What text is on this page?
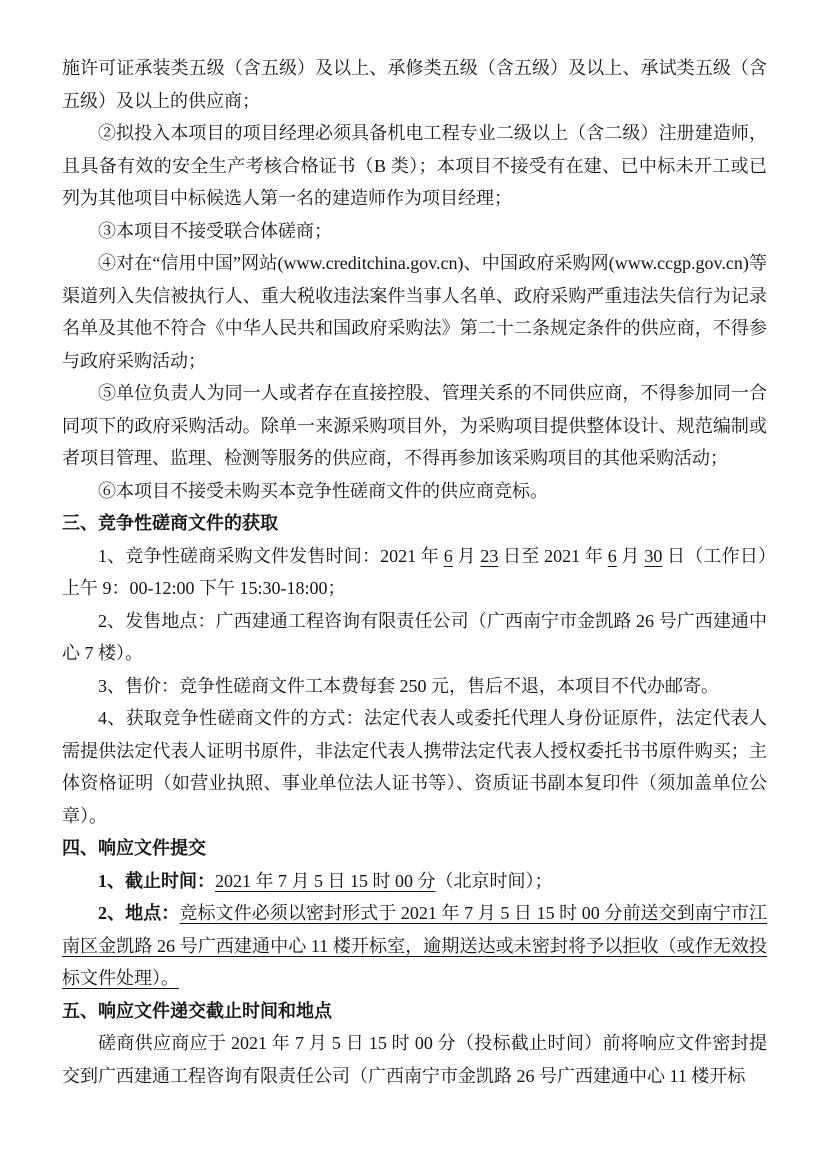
施许可证承装类五级（含五级）及以上、承修类五级（含五级）及以上、承试类五级（含五级）及以上的供应商；
②拟投入本项目的项目经理必须具备机电工程专业二级以上（含二级）注册建造师，且具备有效的安全生产考核合格证书（B 类）；本项目不接受有在建、已中标未开工或已列为其他项目中标候选人第一名的建造师作为项目经理；
③本项目不接受联合体磋商；
④对在“信用中国”网站(www.creditchina.gov.cn)、中国政府采购网(www.ccgp.gov.cn)等渠道列入失信被执行人、重大税收违法案件当事人名单、政府采购严重违法失信行为记录名单及其他不符合《中华人民共和国政府采购法》第二十二条规定条件的供应商，不得参与政府采购活动；
⑤单位负责人为同一人或者存在直接控股、管理关系的不同供应商，不得参加同一合同项下的政府采购活动。除单一来源采购项目外，为采购项目提供整体设计、规范编制或者项目管理、监理、检测等服务的供应商，不得再参加该采购项目的其他采购活动；
⑥本项目不接受未购买本竞争性磋商文件的供应商竞标。
三、竞争性磋商文件的获取
1、竞争性磋商采购文件发售时间：2021 年 6 月 23 日至 2021 年 6 月 30 日（工作日）上午 9：00-12:00 下午 15:30-18:00；
2、发售地点：广西建通工程咨询有限责任公司（广西南宁市金凯路 26 号广西建通中心 7 楼）。
3、售价：竞争性磋商文件工本费每套 250 元，售后不退，本项目不代办邮寄。
4、获取竞争性磋商文件的方式：法定代表人或委托代理人身份证原件，法定代表人需提供法定代表人证明书原件，非法定代表人携带法定代表人授权委托书书原件购买；主体资格证明（如营业执照、事业单位法人证书等）、资质证书副本复印件（须加盖单位公章）。
四、响应文件提交
1、截止时间：2021 年 7 月 5 日 15 时 00 分（北京时间）；
2、地点：竞标文件必须以密封形式于 2021 年 7 月 5 日 15 时 00 分前送交到南宁市江南区金凯路 26 号广西建通中心 11 楼开标室，逾期送达或未密封将予以拒收（或作无效投标文件处理）。
五、响应文件递交截止时间和地点
磋商供应商应于 2021 年 7 月 5 日 15 时 00 分（投标截止时间）前将响应文件密封提交到广西建通工程咨询有限责任公司（广西南宁市金凯路 26 号广西建通中心 11 楼开标
